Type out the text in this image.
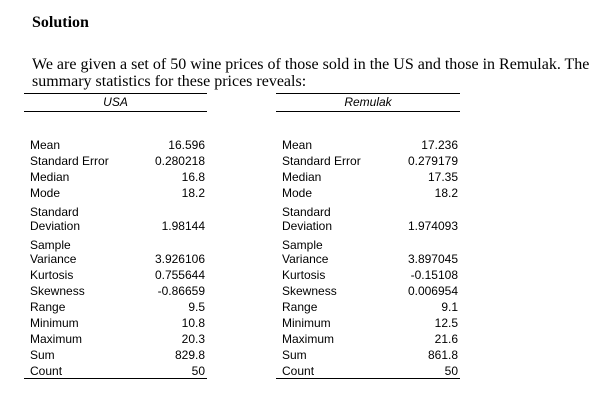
Solution
We are given a set of 50 wine prices of those sold in the US and those in Remulak. The summary statistics for these prices reveals:
USA
Mean	16.596
Standard Error	0.280218
Median	16.8
Mode	18.2
Standard
Deviation	1.98144
Sample
Variance	3.926106
Kurtosis	0.755644
Skewness	-0.86659
Range	9.5
Minimum	10.8
Maximum	20.3
Sum	829.8
Count	50
Remulak
Mean	17.236
Standard Error	0.279179
Median	17.35
Mode	18.2
Standard
Deviation	1.974093
Sample
Variance	3.897045
Kurtosis	-0.15108
Skewness	0.006954
Range	9.1
Minimum	12.5
Maximum	21.6
Sum	861.8
Count	50
